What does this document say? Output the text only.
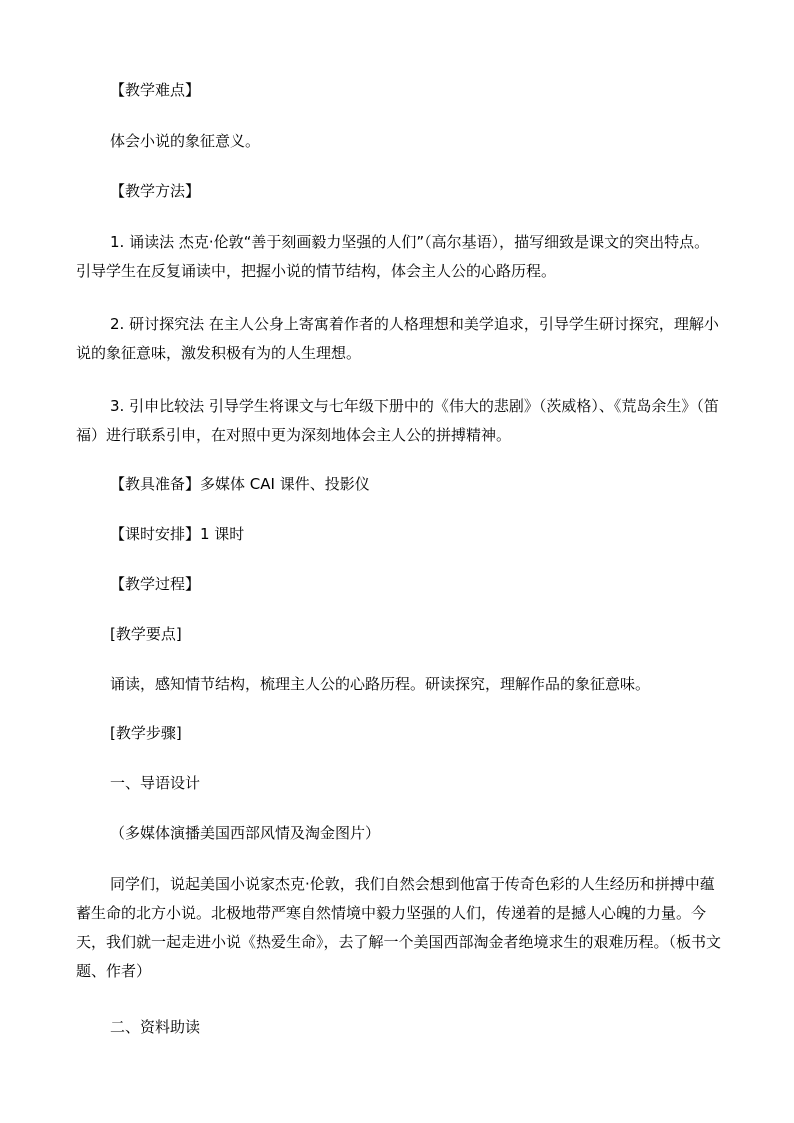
【教学难点】
体会小说的象征意义。
【教学方法】
1. 诵读法 杰克·伦敦“善于刻画毅力坚强的人们”（高尔基语），描写细致是课文的突出特点。引导学生在反复诵读中，把握小说的情节结构，体会主人公的心路历程。
2. 研讨探究法 在主人公身上寄寓着作者的人格理想和美学追求，引导学生研讨探究，理解小说的象征意味，激发积极有为的人生理想。
3. 引申比较法 引导学生将课文与七年级下册中的《伟大的悲剧》（茨威格）、《荒岛余生》（笛福）进行联系引申，在对照中更为深刻地体会主人公的拼搏精神。
【教具准备】多媒体 CAI 课件、投影仪
【课时安排】1 课时
【教学过程】
[教学要点]
诵读，感知情节结构，梳理主人公的心路历程。研读探究，理解作品的象征意味。
[教学步骤]
一、导语设计
（多媒体演播美国西部风情及淘金图片）
同学们，说起美国小说家杰克·伦敦，我们自然会想到他富于传奇色彩的人生经历和拼搏中蕴蓄生命的北方小说。北极地带严寒自然情境中毅力坚强的人们，传递着的是撼人心魄的力量。今天，我们就一起走进小说《热爱生命》，去了解一个美国西部淘金者绝境求生的艰难历程。（板书文题、作者）
二、资料助读
